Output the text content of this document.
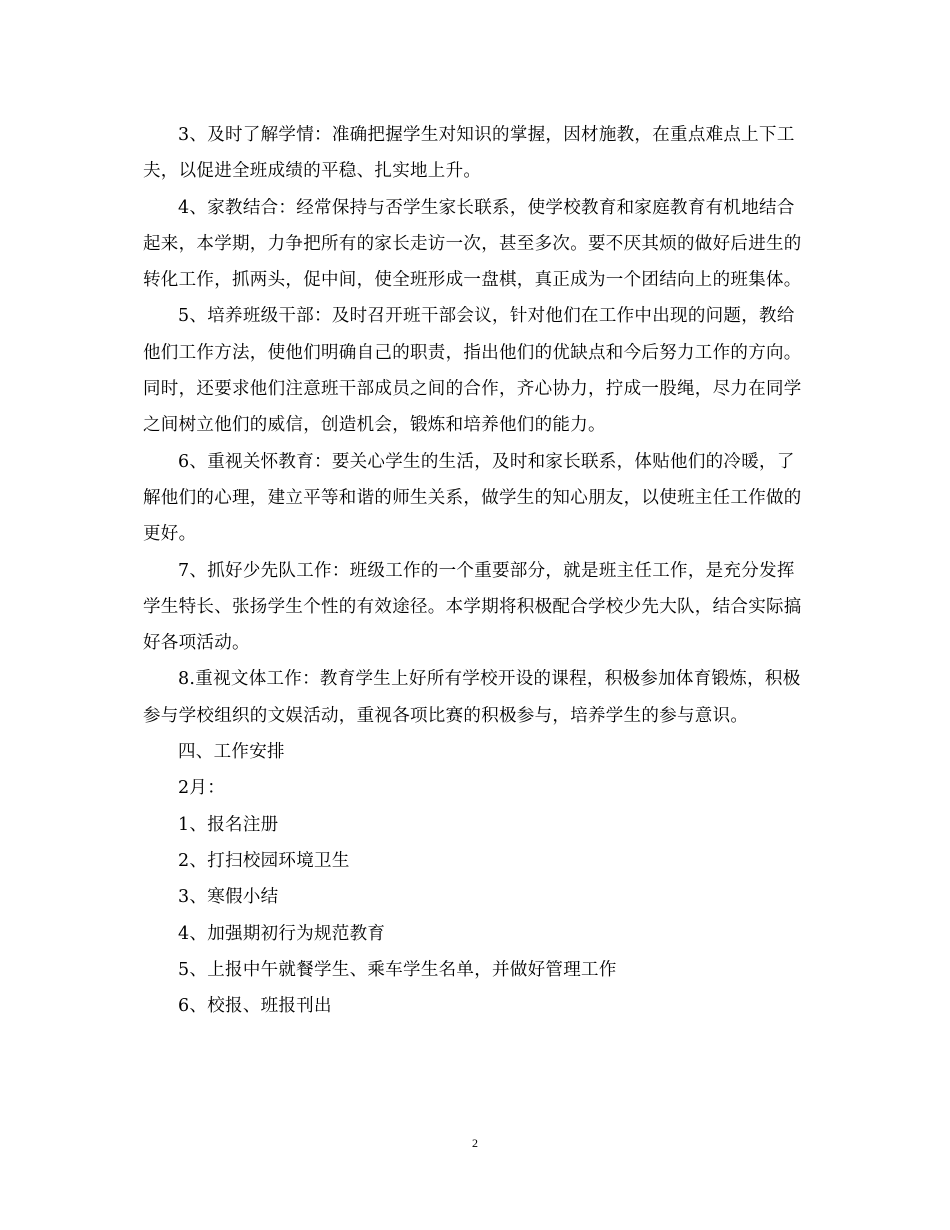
3、及时了解学情：准确把握学生对知识的掌握，因材施教，在重点难点上下工夫，以促进全班成绩的平稳、扎实地上升。

4、家教结合：经常保持与否学生家长联系，使学校教育和家庭教育有机地结合起来，本学期，力争把所有的家长走访一次，甚至多次。要不厌其烦的做好后进生的转化工作，抓两头，促中间，使全班形成一盘棋，真正成为一个团结向上的班集体。

5、培养班级干部：及时召开班干部会议，针对他们在工作中出现的问题，教给他们工作方法，使他们明确自己的职责，指出他们的优缺点和今后努力工作的方向。同时，还要求他们注意班干部成员之间的合作，齐心协力，拧成一股绳，尽力在同学之间树立他们的威信，创造机会，锻炼和培养他们的能力。

6、重视关怀教育：要关心学生的生活，及时和家长联系，体贴他们的冷暖，了解他们的心理，建立平等和谐的师生关系，做学生的知心朋友，以使班主任工作做的更好。

7、抓好少先队工作：班级工作的一个重要部分，就是班主任工作，是充分发挥学生特长、张扬学生个性的有效途径。本学期将积极配合学校少先大队，结合实际搞好各项活动。

8.重视文体工作：教育学生上好所有学校开设的课程，积极参加体育锻炼，积极参与学校组织的文娱活动，重视各项比赛的积极参与，培养学生的参与意识。

四、工作安排

2月：

1、报名注册

2、打扫校园环境卫生

3、寒假小结

4、加强期初行为规范教育

5、上报中午就餐学生、乘车学生名单，并做好管理工作

6、校报、班报刊出

2
